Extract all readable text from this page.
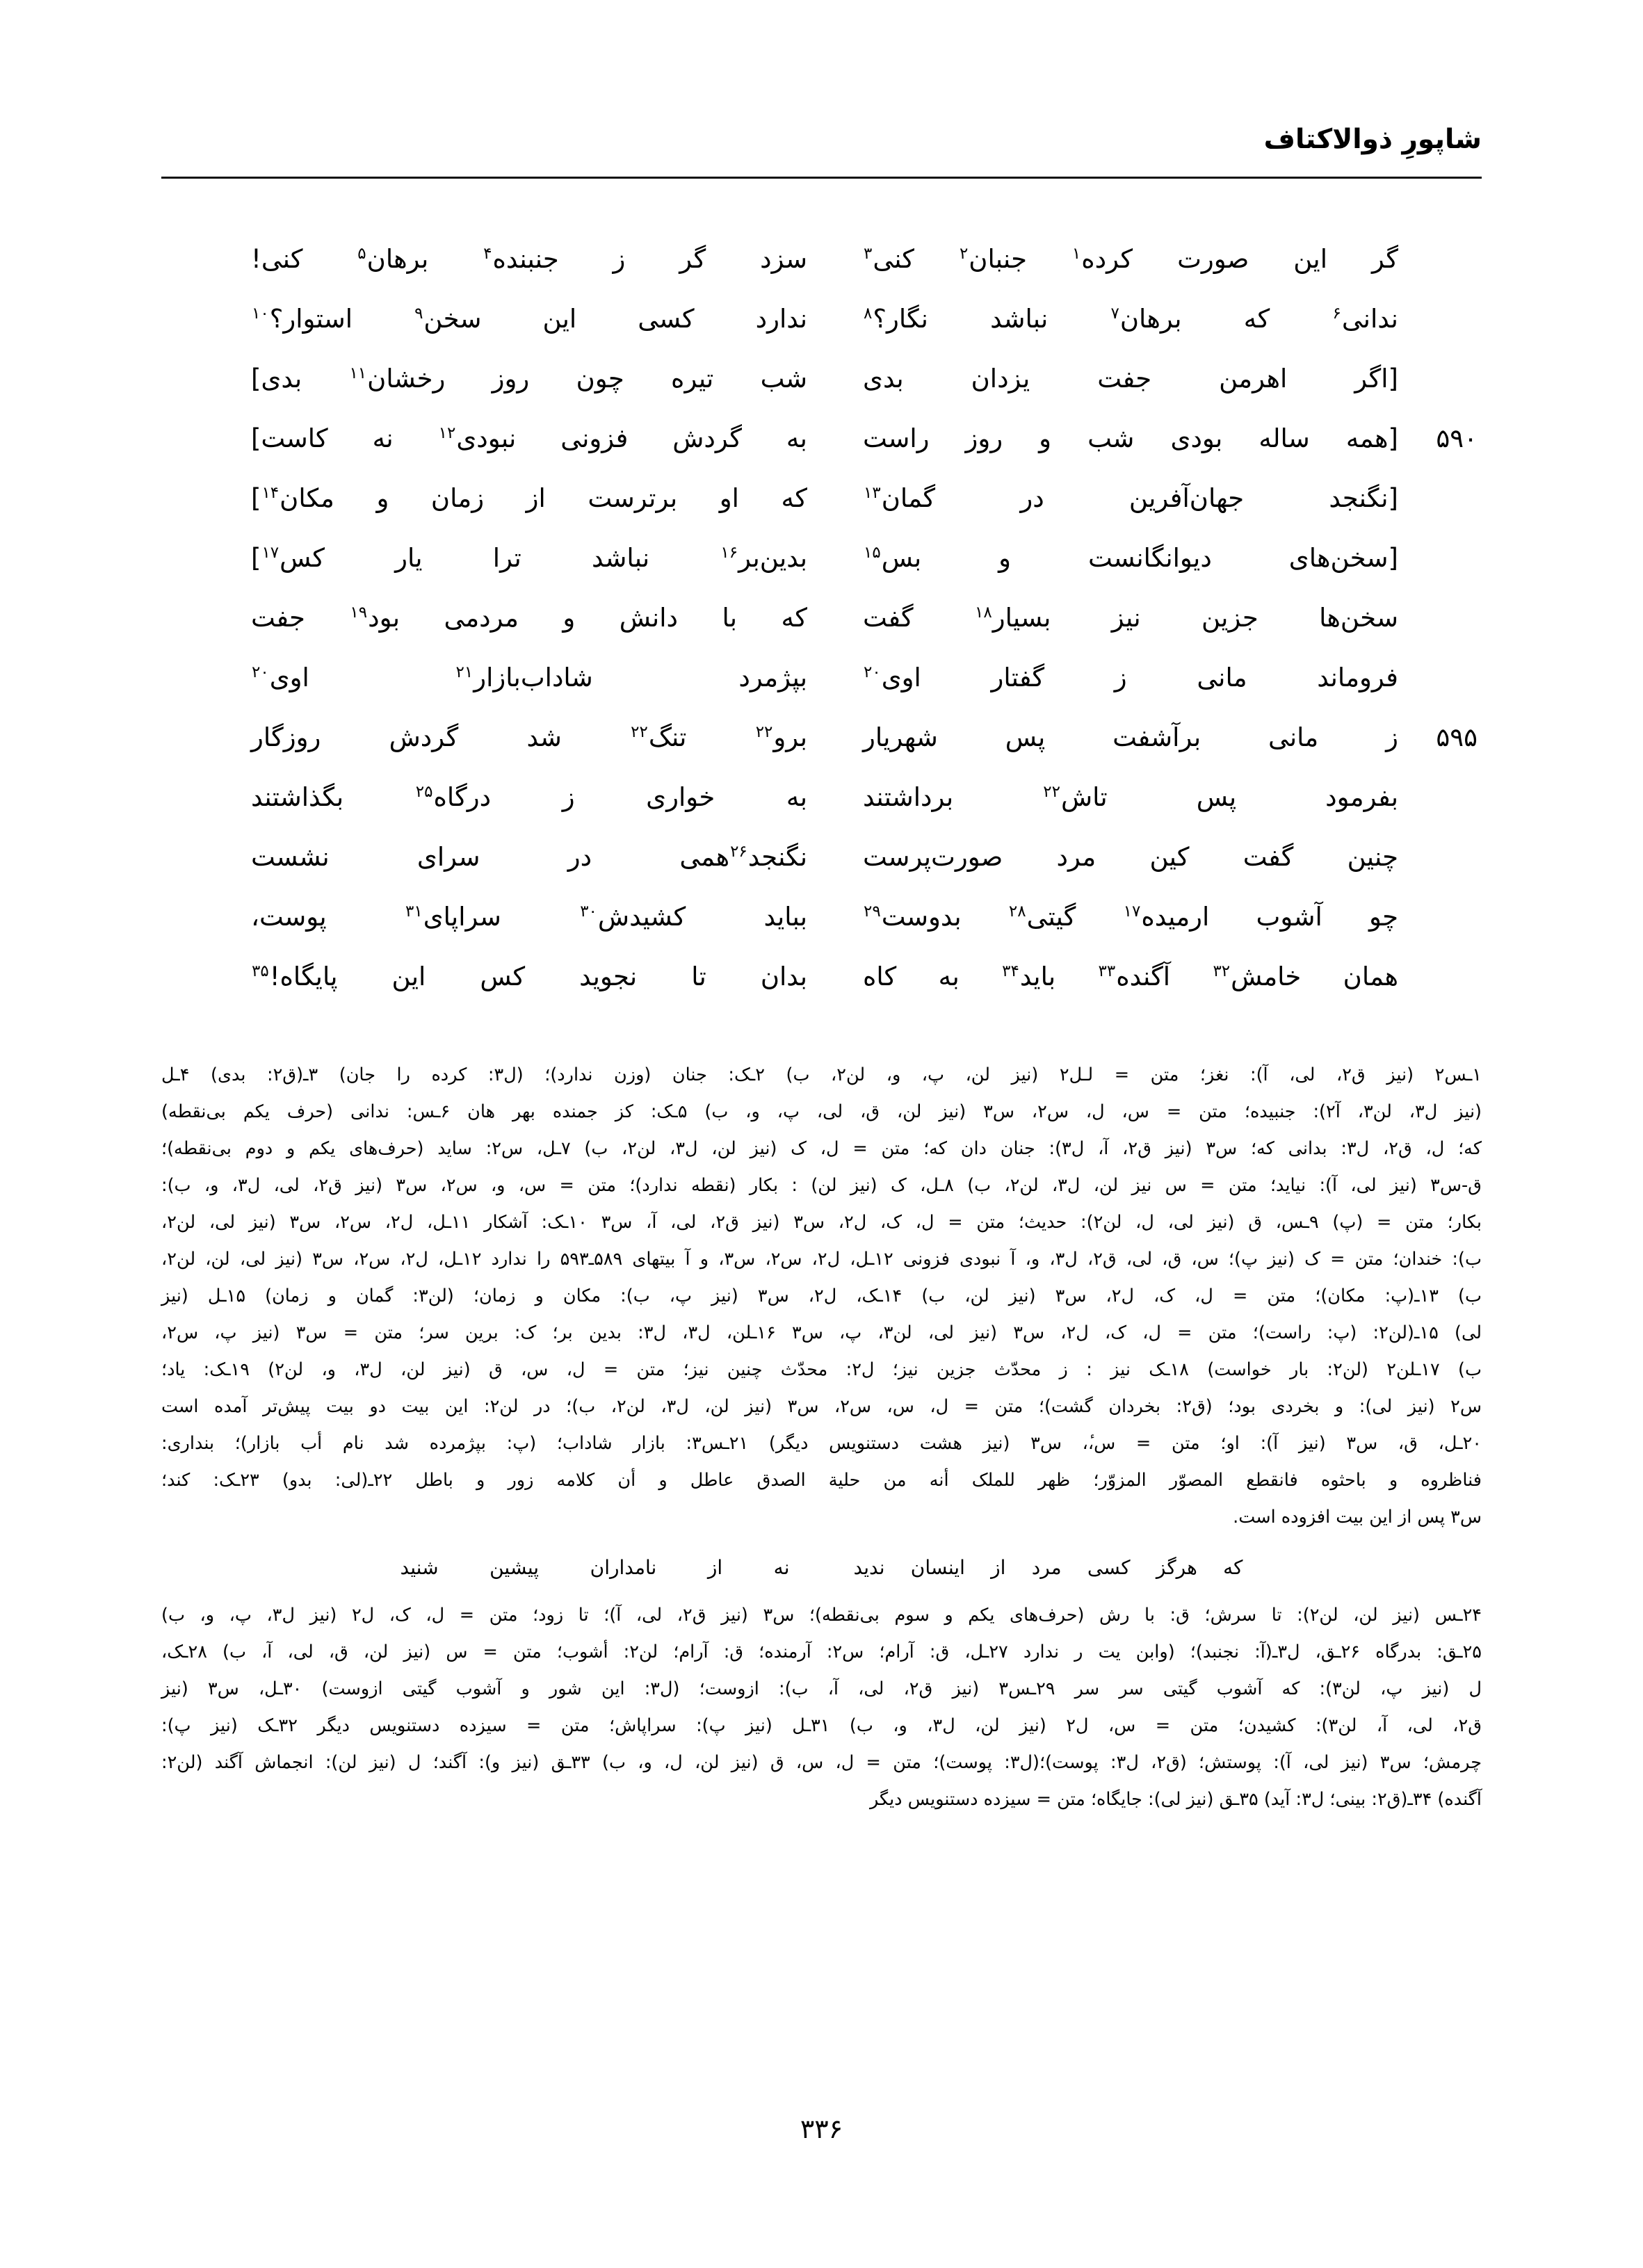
شاپورِ ذوالاکتاف
گر این صورت کرده$^۱$ جنبان$^۲$ کنی$^۳$
سزد گر ز جنبنده$^۴$ برهان$^۵$ کنی!
ندانی$^۶$ که برهان$^۷$ نباشد نگار؟$^۸$
ندارد کسی این سخن$^۹$ استوار؟$^{۱۰}$
[اگر اهرمن جفت یزدان بدی
شب تیره چون روز رخشان$^{۱۱}$ بدی]
۵۹۰
[همه ساله بودی شب و روز راست
به گردش فزونی نبودی$^{۱۲}$ نه کاست]
[نگنجد جهان‌آفرین در گمان$^{۱۳}$
که او برترست از زمان و مکان$^{۱۴}$]
[سخن‌های دیوانگانست و بس$^{۱۵}$
بدین‌بر$^{۱۶}$ نباشد ترا یار کس$^{۱۷}$]
سخن‌ها جزین نیز بسیار$^{۱۸}$ گفت
که با دانش و مردمی بود$^{۱۹}$ جفت
فروماند مانی ز گفتار اوی$^{۲۰}$
بپژمرد شاداب‌بازار$^{۲۱}$ اوی$^{۲۰}$
۵۹۵
ز مانی برآشفت پس شهریار
برو$^{۲۲}$ تنگ$^{۲۲}$ شد گردش روزگار
بفرمود پس تاش$^{۲۲}$ برداشتند
به خواری ز درگاه$^{۲۵}$ بگذاشتند
چنین گفت کین مرد صورت‌پرست
نگنجد$^{۲۶}$همی در سرای نشست
چو آشوب ارمیده$^{۱۷}$ گیتی$^{۲۸}$ بدوست$^{۲۹}$
بباید کشیدش$^{۳۰}$ سراپای$^{۳۱}$ پوست،
همان خامش$^{۳۲}$ آگنده$^{۳۳}$ باید$^{۳۴}$ به کاه
بدان تا نجوید کس این پایگاه!$^{۳۵}$
۱ـس۲ (نیز ق۲، لی، آ): نغز؛ متن = لـل۲ (نیز لن، پ، و، لن۲، ب) ۲ـک: جنان (وزن ندارد)؛ (ل۳: کرده را جان) ۳ـ(ق۲: بدی) ۴ـل
(نیز ل۳، لن۳، آ۲): جنبیده؛ متن = س، ل، س۲، س۳ (نیز لن، ق، لی، پ، و، ب) ۵ـک: کز جمنده بهر هان ۶ـس: ندانی (حرف یکم بی‌نقطه)
که؛ ل، ق۲، ل۳: بدانی که؛ س۳ (نیز ق۲، آ، ل۳): جنان دان که؛ متن = ل، ک (نیز لن، ل۳، لن۲، ب) ۷ـل، س۲: ساید (حرف‌های یکم و دوم بی‌نقطه)؛
ق-س۳ (نیز لی، آ): نیاید؛ متن = س نیز لن، ل۳، لن۲، ب) ۸ـل، ک (نیز لن) : بکار (نقطه ندارد)؛ متن = س، و، س۲، س۳ (نیز ق۲، لی، ل۳، و، ب):
بکار؛ متن = (پ) ۹ـس، ق (نیز لی، ل، لن۲): حدیث؛ متن = ل، ک، ل۲، س۳ (نیز ق۲، لی، آ، س۳ ۱۰ـک: آشکار ۱۱ـل، ل۲، س۲، س۳ (نیز لی، لن۲،
ب): خندان؛ متن = ک (نیز پ)؛ س، ق، لی، ق۲، ل۳، و، آ نبودی فزونی ۱۲ـل، ل۲، س۲، س۳، و آ بیتهای ۵۸۹ـ۵۹۳ را ندارد ۱۲ـل، ل۲، س۲، س۳ (نیز لی، لن، لن۲،
ب) ۱۳ـ(پ: مکان)؛ متن = ل، ک، ل۲، س۳ (نیز لن، ب) ۱۴ـک، ل۲، س۳ (نیز پ، ب): مکان و زمان؛ (لن۳: گمان و زمان) ۱۵ـل (نیز
لی) ۱۵ـ(لن۲: (پ: راست)؛ متن = ل، ک، ل۲، س۳ (نیز لی، لن۳، پ، س۳ ۱۶ـلن، ل۳، ل۳: بدین بر؛ ک: برین سر؛ متن = س۳ (نیز پ، س۲،
ب) ۱۷ـلن۲ (لن۲: بار خواست) ۱۸ـک نیز : ز محدّث جزین نیز؛ ل۲: محدّث چنین نیز؛ متن = ل، س، ق (نیز لن، ل۳، و، لن۲) ۱۹ـک: یاد؛
س۲ (نیز لی): و بخردی بود؛ (ق۲: بخردان گشت)؛ متن = ل، س، س۲، س۳ (نیز لن، ل۳، لن۲، ب)؛ در لن۲: این بیت دو بیت پیش‌تر آمده است
۲۰ـل، ق، س۳ (نیز آ): او؛ متن = س،ٔ، س۳ (نیز هشت دستنویس دیگر) ۲۱ـس۳: بازار شاداب؛ (پ: بپژمرده شد نام أب بازار)؛ بنداری:
فناظروه و باحثوه فانقطع المصوّر المزوّر؛ ظهر للملک أنه من حلیة الصدق عاطل و أن کلامه زور و باطل ۲۲ـ(لی: بدو) ۲۳ـک: کند؛
س۳ پس از این بیت افزوده است.
که هرگز کسی مرد از اینسان ندید
نه از نامداران پیشین شنید
۲۴ـس (نیز لن، لن۲): تا سرش؛ ق: با رش (حرف‌های یکم و سوم بی‌نقطه)؛ س۳ (نیز ق۲، لی، آ)؛ تا زود؛ متن = ل، ک، ل۲ (نیز ل۳، پ، و، ب)
۲۵ـق: بدرگاه ۲۶ـق، ل۳ـ(آ: نجنبد)؛ (وابن یت ر ندارد ۲۷ـل، ق: آرام؛ س۲: آرمنده؛ ق: آرام؛ لن۲: أشوب؛ متن = س (نیز لن، ق، لی، آ، ب) ۲۸ـک،
ل (نیز پ، لن۳): که آشوب گیتی سر سر ۲۹ـس۳ (نیز ق۲، لی، آ، ب): ازوست؛ (ل۳: این شور و آشوب گیتی ازوست) ۳۰ـل، س۳ (نیز
ق۲، لی، آ، لن۳): کشیدن؛ متن = س، ل۲ (نیز لن، ل۳، و، ب) ۳۱ـل (نیز پ): سراپاش؛ متن = سیزده دستنویس دیگر ۳۲ـک (نیز پ):
چرمش؛ س۳ (نیز لی، آ): پوستش؛ (ق۲، ل۳: پوست)؛(ل۳: پوست)؛ متن = ل، س، ق (نیز لن، ل، و، ب) ۳۳ـق (نیز و): آگند؛ ل (نیز لن): انجماش آگند (لن۲:
آگنده) ۳۴ـ(ق۲: بینی؛ ل۳: آید) ۳۵ـق (نیز لی): جایگاه؛ متن = سیزده دستنویس دیگر
۳۳۶
